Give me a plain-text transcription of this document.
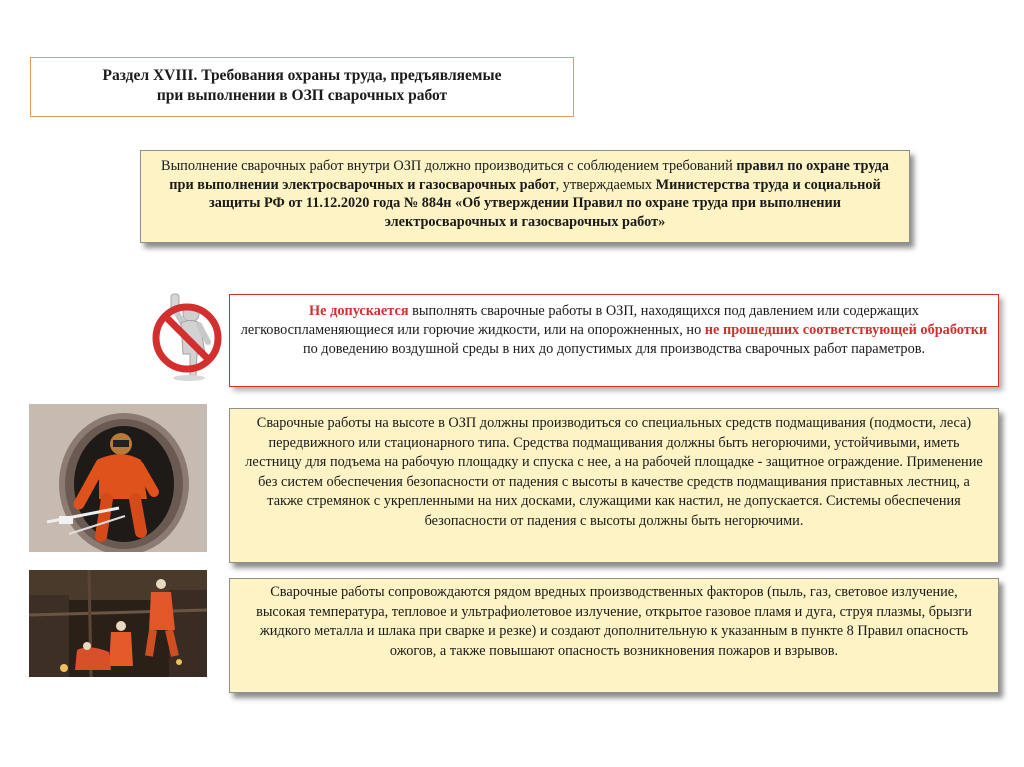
Раздел XVIII. Требования охраны труда, предъявляемые
при выполнении в ОЗП сварочных работ
Выполнение сварочных работ внутри ОЗП должно производиться с соблюдением требований правил по охране труда при выполнении электросварочных и газосварочных работ, утверждаемых Министерства труда и социальной защиты РФ от 11.12.2020 года № 884н «Об утверждении Правил по охране труда при выполнении электросварочных и газосварочных работ»
Не допускается выполнять сварочные работы в ОЗП, находящихся под давлением или содержащих легковоспламеняющиеся или горючие жидкости, или на опорожненных, но не прошедших соответствующей обработки по доведению воздушной среды в них до допустимых для производства сварочных работ параметров.
Сварочные работы на высоте в ОЗП должны производиться со специальных средств подмащивания (подмости, леса) передвижного или стационарного типа. Средства подмащивания должны быть негорючими, устойчивыми, иметь лестницу для подъема на рабочую площадку и спуска с нее, а на рабочей площадке - защитное ограждение. Применение без систем обеспечения безопасности от падения с высоты в качестве средств подмащивания приставных лестниц, а также стремянок с укрепленными на них досками, служащими как настил, не допускается. Системы обеспечения безопасности от падения с высоты должны быть негорючими.
Сварочные работы сопровождаются рядом вредных производственных факторов (пыль, газ, световое излучение, высокая температура, тепловое и ультрафиолетовое излучение, открытое газовое пламя и дуга, струя плазмы, брызги жидкого металла и шлака при сварке и резке) и создают дополнительную к указанным в пункте 8 Правил опасность ожогов, а также повышают опасность возникновения пожаров и взрывов.
